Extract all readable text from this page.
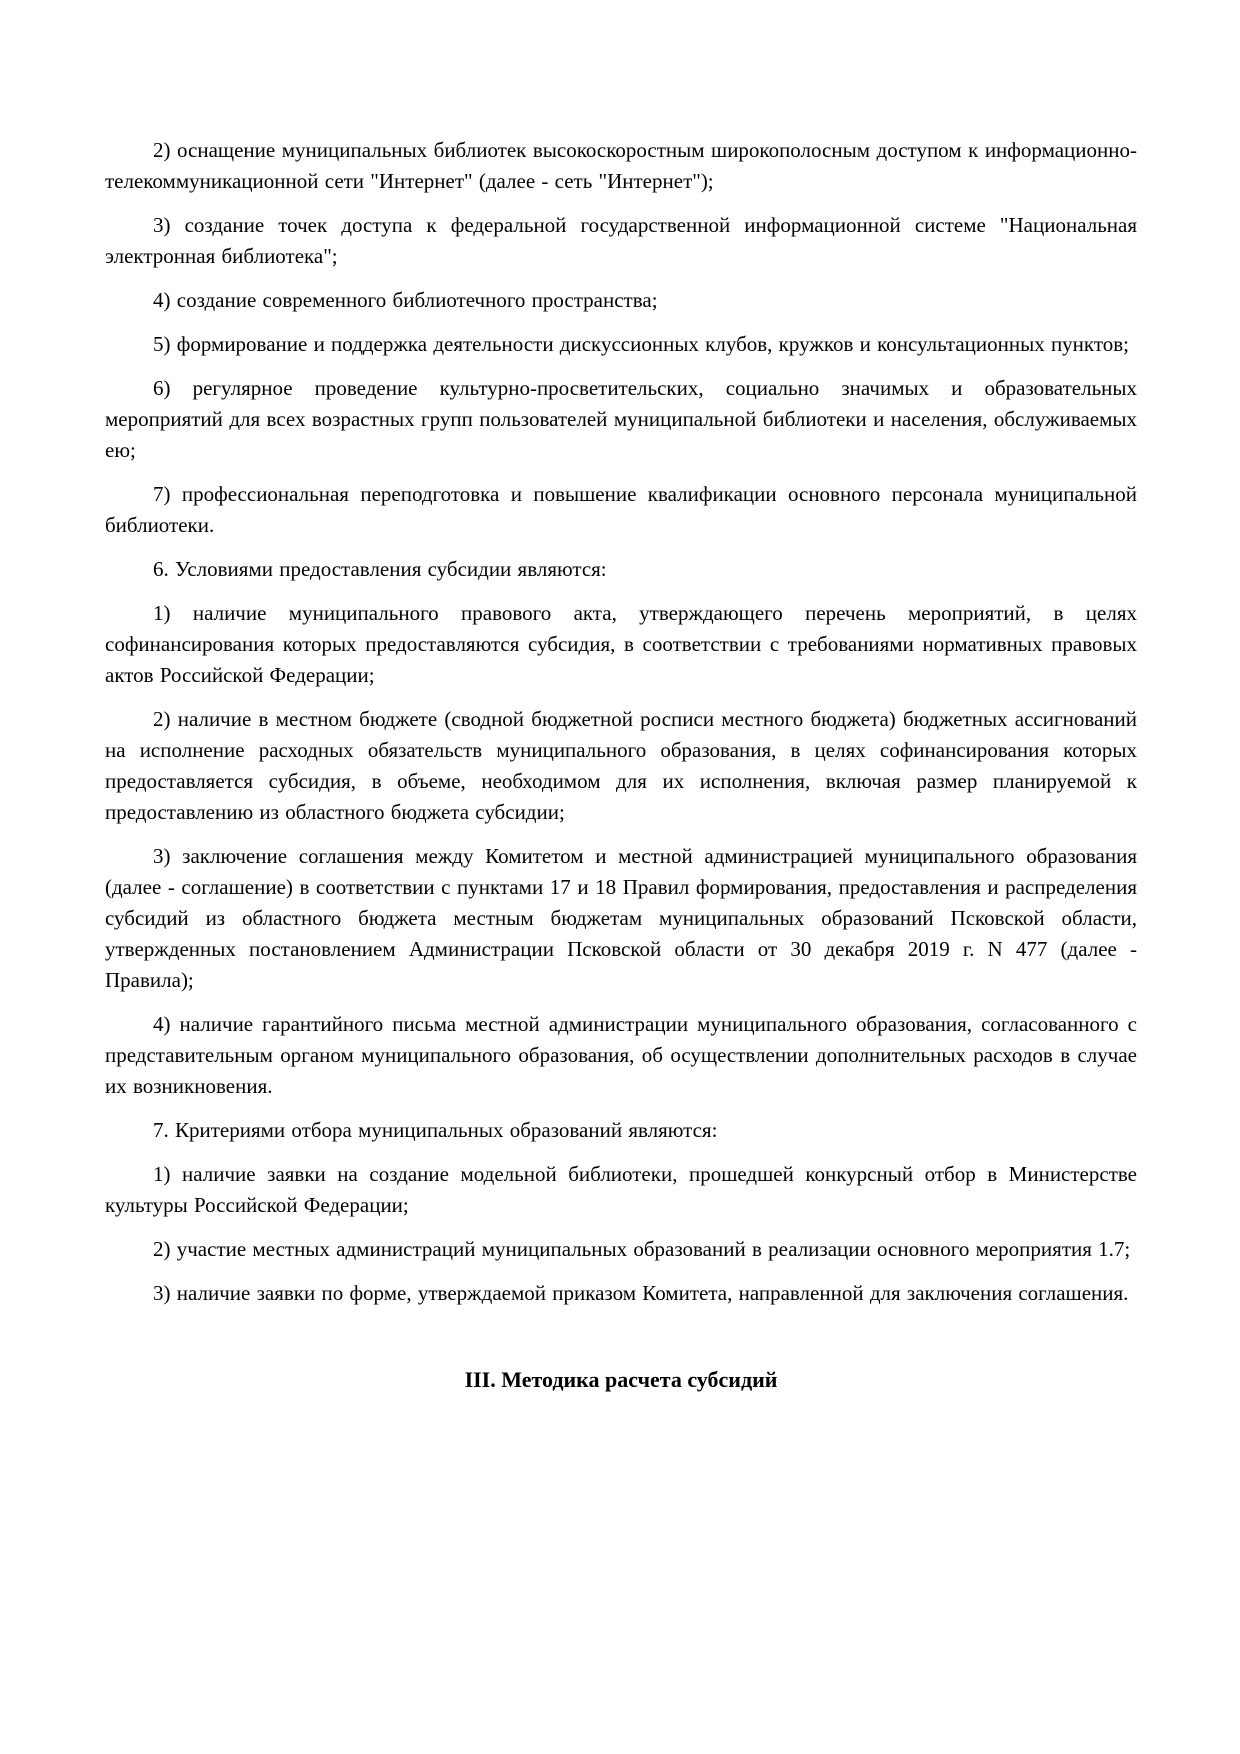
2) оснащение муниципальных библиотек высокоскоростным широкополосным доступом к информационно-телекоммуникационной сети "Интернет" (далее - сеть "Интернет");

3) создание точек доступа к федеральной государственной информационной системе "Национальная электронная библиотека";

4) создание современного библиотечного пространства;

5) формирование и поддержка деятельности дискуссионных клубов, кружков и консультационных пунктов;

6) регулярное проведение культурно-просветительских, социально значимых и образовательных мероприятий для всех возрастных групп пользователей муниципальной библиотеки и населения, обслуживаемых ею;

7) профессиональная переподготовка и повышение квалификации основного персонала муниципальной библиотеки.

6. Условиями предоставления субсидии являются:

1) наличие муниципального правового акта, утверждающего перечень мероприятий, в целях софинансирования которых предоставляются субсидия, в соответствии с требованиями нормативных правовых актов Российской Федерации;

2) наличие в местном бюджете (сводной бюджетной росписи местного бюджета) бюджетных ассигнований на исполнение расходных обязательств муниципального образования, в целях софинансирования которых предоставляется субсидия, в объеме, необходимом для их исполнения, включая размер планируемой к предоставлению из областного бюджета субсидии;

3) заключение соглашения между Комитетом и местной администрацией муниципального образования (далее - соглашение) в соответствии с пунктами 17 и 18 Правил формирования, предоставления и распределения субсидий из областного бюджета местным бюджетам муниципальных образований Псковской области, утвержденных постановлением Администрации Псковской области от 30 декабря 2019 г. N 477 (далее - Правила);

4) наличие гарантийного письма местной администрации муниципального образования, согласованного с представительным органом муниципального образования, об осуществлении дополнительных расходов в случае их возникновения.

7. Критериями отбора муниципальных образований являются:

1) наличие заявки на создание модельной библиотеки, прошедшей конкурсный отбор в Министерстве культуры Российской Федерации;

2) участие местных администраций муниципальных образований в реализации основного мероприятия 1.7;

3) наличие заявки по форме, утверждаемой приказом Комитета, направленной для заключения соглашения.

III. Методика расчета субсидий
